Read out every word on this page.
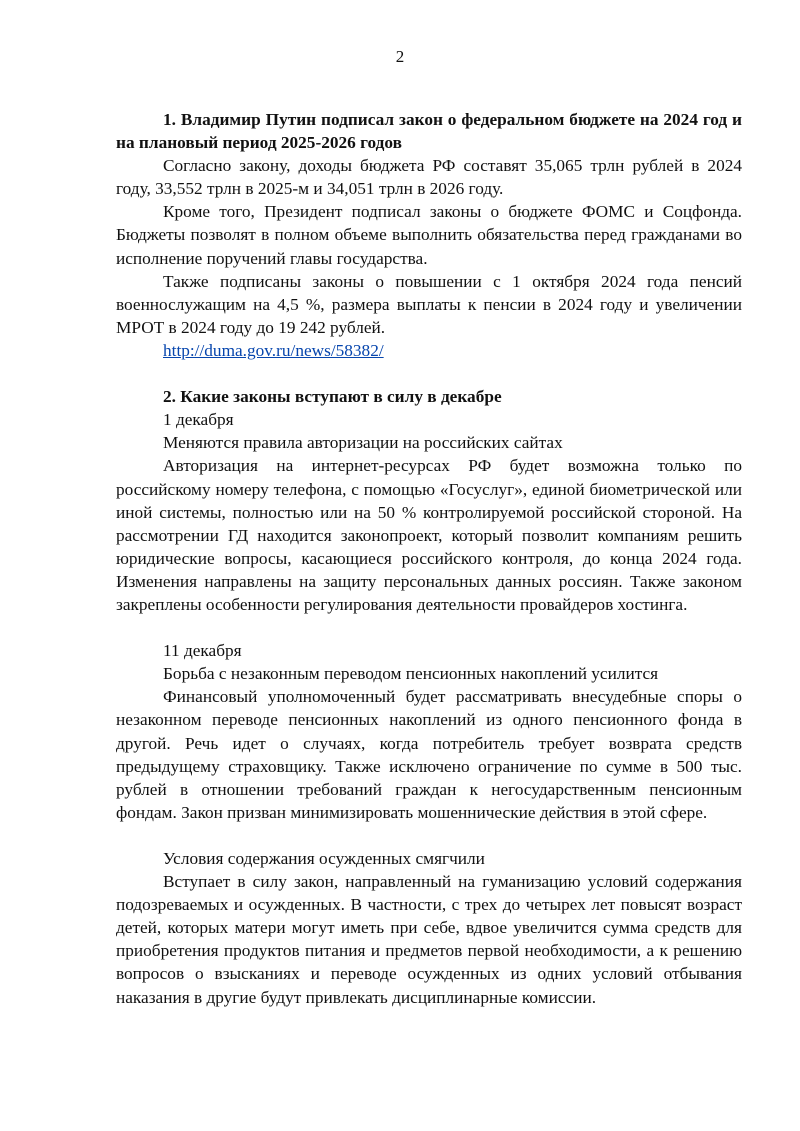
2

1. Владимир Путин подписал закон о федеральном бюджете на 2024 год и на плановый период 2025-2026 годов

Согласно закону, доходы бюджета РФ составят 35,065 трлн рублей в 2024 году, 33,552 трлн в 2025-м и 34,051 трлн в 2026 году.

Кроме того, Президент подписал законы о бюджете ФОМС и Соцфонда. Бюджеты позволят в полном объеме выполнить обязательства перед гражданами во исполнение поручений главы государства.

Также подписаны законы о повышении с 1 октября 2024 года пенсий военнослужащим на 4,5 %, размера выплаты к пенсии в 2024 году и увеличении МРОТ в 2024 году до 19 242 рублей.

http://duma.gov.ru/news/58382/

2. Какие законы вступают в силу в декабре

1 декабря

Меняются правила авторизации на российских сайтах

Авторизация на интернет-ресурсах РФ будет возможна только по российскому номеру телефона, с помощью «Госуслуг», единой биометрической или иной системы, полностью или на 50 % контролируемой российской стороной. На рассмотрении ГД находится законопроект, который позволит компаниям решить юридические вопросы, касающиеся российского контроля, до конца 2024 года. Изменения направлены на защиту персональных данных россиян. Также законом закреплены особенности регулирования деятельности провайдеров хостинга.

11 декабря

Борьба с незаконным переводом пенсионных накоплений усилится

Финансовый уполномоченный будет рассматривать внесудебные споры о незаконном переводе пенсионных накоплений из одного пенсионного фонда в другой. Речь идет о случаях, когда потребитель требует возврата средств предыдущему страховщику. Также исключено ограничение по сумме в 500 тыс. рублей в отношении требований граждан к негосударственным пенсионным фондам. Закон призван минимизировать мошеннические действия в этой сфере.

Условия содержания осужденных смягчили

Вступает в силу закон, направленный на гуманизацию условий содержания подозреваемых и осужденных. В частности, с трех до четырех лет повысят возраст детей, которых матери могут иметь при себе, вдвое увеличится сумма средств для приобретения продуктов питания и предметов первой необходимости, а к решению вопросов о взысканиях и переводе осужденных из одних условий отбывания наказания в другие будут привлекать дисциплинарные комиссии.
